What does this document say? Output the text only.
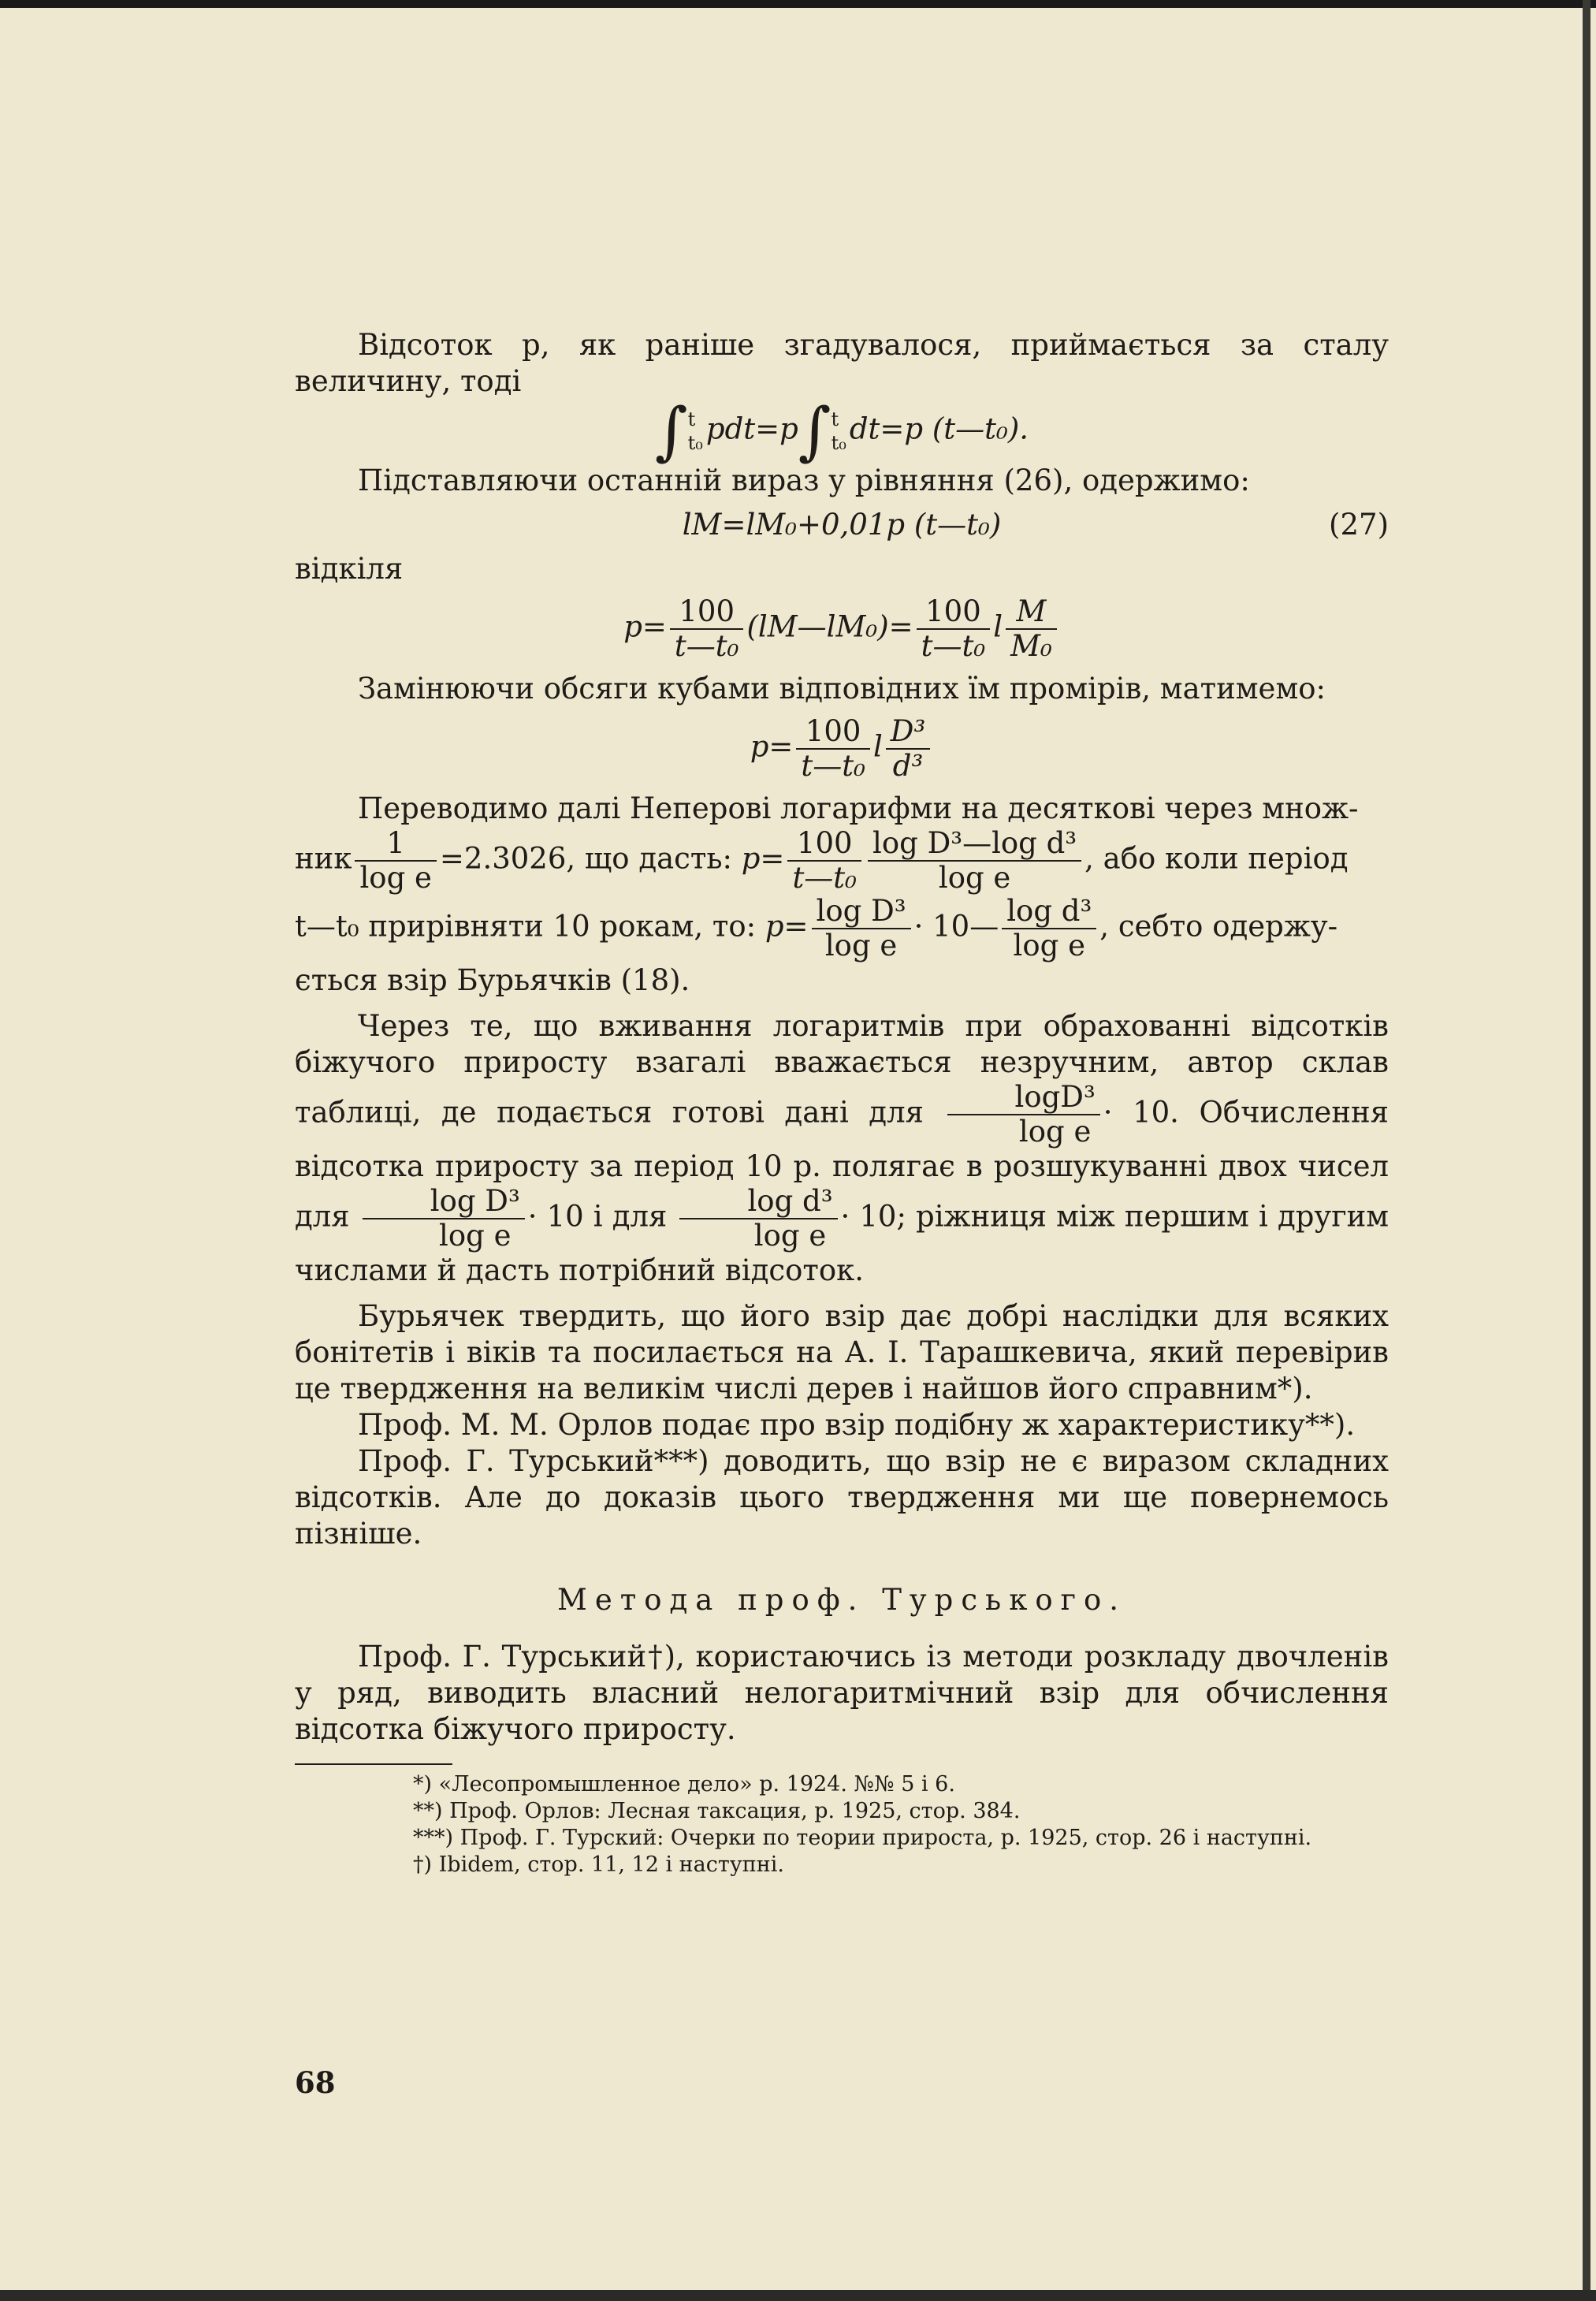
Відсоток p, як раніше згадувалося, приймається за сталу величину, тоді

∫ t
t₀ pdt=p∫ t
t₀ dt=p (t—t₀).

Підставляючи останній вираз у рівняння (26), одержимо:

lM=lM₀+0,01p (t—t₀)	(27)

відкіля

$p= \frac{100}{\text{t—t₀}}$ (lM—lM₀)= $\frac{100}{\text{t—t₀}}$ l $\frac{M}{\text{M₀}}$

Замінюючи обсяги кубами відповідних їм промірів, матимемо:

$p= \frac{100}{\text{t—t₀}}$ l $\frac{\text{D³}}{\text{d³}}$

Переводимо далі Неперові логарифми на десяткові через множ-

ник $\frac{1}{\text{log e}} =2.3026$, що дасть: $p= \frac{100}{\text{t—t₀}} \frac{\text{log D³—log d³}}{\text{log e}}$ , або коли період

t—t₀ прирівняти 10 рокам, то: $p= \frac{\text{log D³}}{\text{log e}}$ · 10— $\frac{\text{log d³}}{\text{log e}}$ , себто одержу-

ється взір Бурьячків (18).

Через те, що вживання логаритмів при обрахованні відсотків біжучого приросту взагалі вважається незручним, автор склав таблиці, де подається готові дані для $\frac{\text{logD³}}{\text{log e}} \cdot 10$. Обчислення відсотка приросту за період 10 р. полягає в розшукуванні двох чисел для $\frac{\text{log D³}}{\text{log e}} \cdot 10$ і для $\frac{\text{log d³}}{\text{log e}} \cdot 10$; ріжниця між першим і другим числами й дасть потрібний відсоток.

Бурьячек твердить, що його взір дає добрі наслідки для всяких бонітетів і віків та посилається на А. І. Тарашкевича, який перевірив це твердження на великім числі дерев і найшов його справним*).

Проф. М. М. Орлов подає про взір подібну ж характеристику**).

Проф. Г. Турський***) доводить, що взір не є виразом складних відсотків. Але до доказів цього твердження ми ще повернемось пізніше.

Метода проф. Турського.

Проф. Г. Турський†), користаючись із методи розкладу двочленів у ряд, виводить власний нелогаритмічний взір для обчислення відсотка біжучого приросту.

*) «Лесопромышленное дело» р. 1924. №№ 5 і 6.

**) Проф. Орлов: Лесная таксация, р. 1925, стор. 384.

***) Проф. Г. Турский: Очерки по теории прироста, р. 1925, стор. 26 і наступні.

†) Ibidem, стор. 11, 12 і наступні.

68
